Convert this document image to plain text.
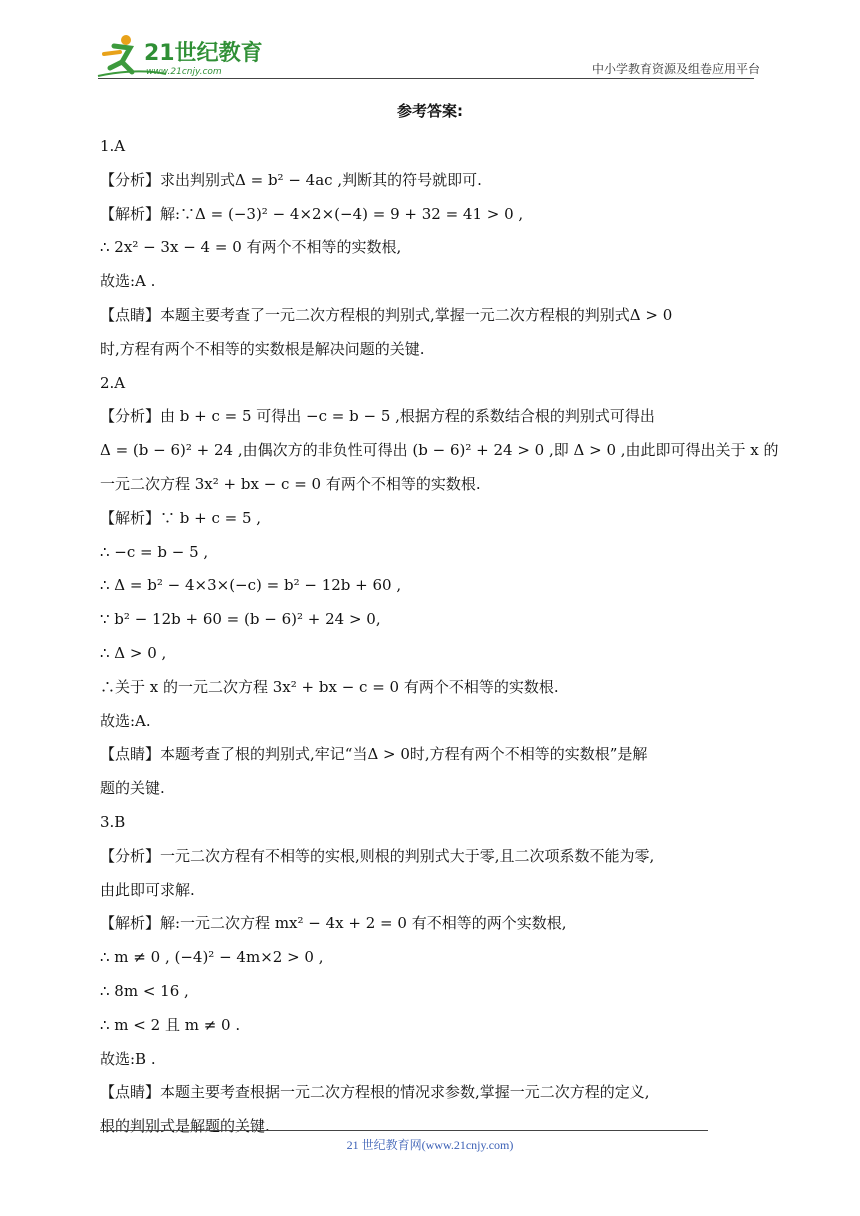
21世纪教育
www.21cnjy.com	中小学教育资源及组卷应用平台
参考答案:
1.A
【分析】求出判别式Δ = b² − 4ac ,判断其的符号就即可.
【解析】解:∵Δ = (−3)² − 4×2×(−4) = 9 + 32 = 41 > 0 ,
∴ 2x² − 3x − 4 = 0 有两个不相等的实数根,
故选:A .
【点睛】本题主要考查了一元二次方程根的判别式,掌握一元二次方程根的判别式Δ > 0
时,方程有两个不相等的实数根是解决问题的关键.
2.A
【分析】由 b + c = 5 可得出 −c = b − 5 ,根据方程的系数结合根的判别式可得出
Δ = (b − 6)² + 24 ,由偶次方的非负性可得出 (b − 6)² + 24 > 0 ,即 Δ > 0 ,由此即可得出关于 x 的
一元二次方程 3x² + bx − c = 0 有两个不相等的实数根.
【解析】∵ b + c = 5 ,
∴ −c = b − 5 ,
∴ Δ = b² − 4×3×(−c) = b² − 12b + 60 ,
∵ b² − 12b + 60 = (b − 6)² + 24 > 0,
∴ Δ > 0 ,
∴关于 x 的一元二次方程 3x² + bx − c = 0 有两个不相等的实数根.
故选:A.
【点睛】本题考查了根的判别式,牢记“当Δ > 0时,方程有两个不相等的实数根”是解
题的关键.
3.B
【分析】一元二次方程有不相等的实根,则根的判别式大于零,且二次项系数不能为零,
由此即可求解.
【解析】解:一元二次方程 mx² − 4x + 2 = 0 有不相等的两个实数根,
∴ m ≠ 0 , (−4)² − 4m×2 > 0 ,
∴ 8m < 16 ,
∴ m < 2 且 m ≠ 0 .
故选:B .
【点睛】本题主要考查根据一元二次方程根的情况求参数,掌握一元二次方程的定义,
根的判别式是解题的关键.
21 世纪教育网(www.21cnjy.com)
